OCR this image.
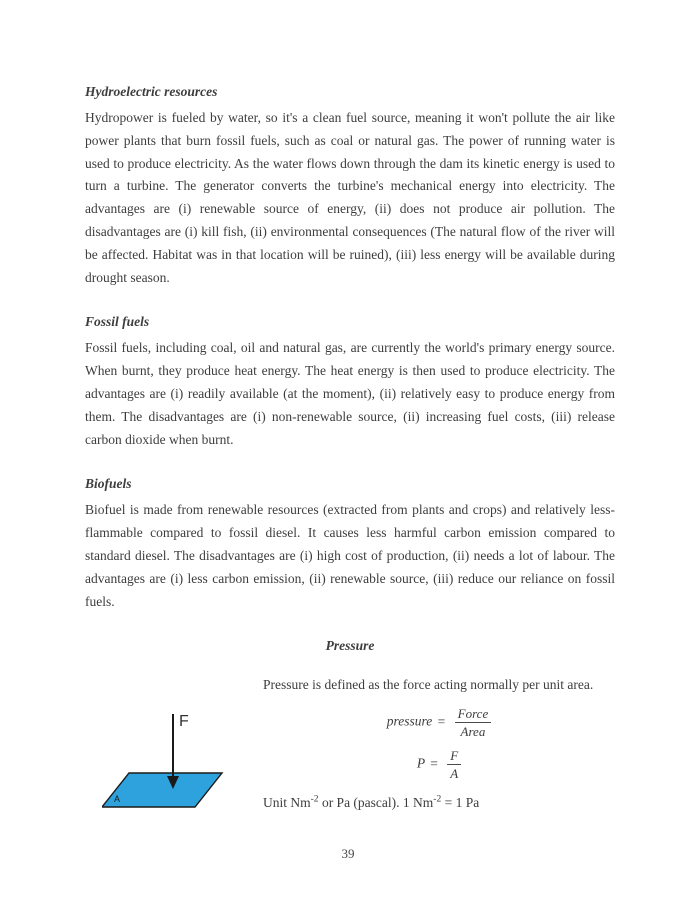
Hydroelectric resources

Hydropower is fueled by water, so it's a clean fuel source, meaning it won't pollute the air like power plants that burn fossil fuels, such as coal or natural gas. The power of running water is used to produce electricity. As the water flows down through the dam its kinetic energy is used to turn a turbine. The generator converts the turbine's mechanical energy into electricity. The advantages are (i) renewable source of energy, (ii) does not produce air pollution. The disadvantages are (i) kill fish, (ii) environmental consequences (The natural flow of the river will be affected. Habitat was in that location will be ruined), (iii) less energy will be available during drought season.

Fossil fuels

Fossil fuels, including coal, oil and natural gas, are currently the world's primary energy source. When burnt, they produce heat energy. The heat energy is then used to produce electricity. The advantages are (i) readily available (at the moment), (ii) relatively easy to produce energy from them. The disadvantages are (i) non-renewable source, (ii) increasing fuel costs, (iii) release carbon dioxide when burnt.

Biofuels

Biofuel is made from renewable resources (extracted from plants and crops) and relatively less-flammable compared to fossil diesel. It causes less harmful carbon emission compared to standard diesel. The disadvantages are (i) high cost of production, (ii) needs a lot of labour. The advantages are (i) less carbon emission, (ii) renewable source, (iii) reduce our reliance on fossil fuels.

Pressure

Pressure is defined as the force acting normally per unit area.

F
A
pressure = $\frac{\text{Force}}{\text{Area}}$
$P = \frac{F}{A}$
Unit $Nm^{-2}$ or Pa (pascal). 1 $Nm^{-2} = 1$ Pa
39
